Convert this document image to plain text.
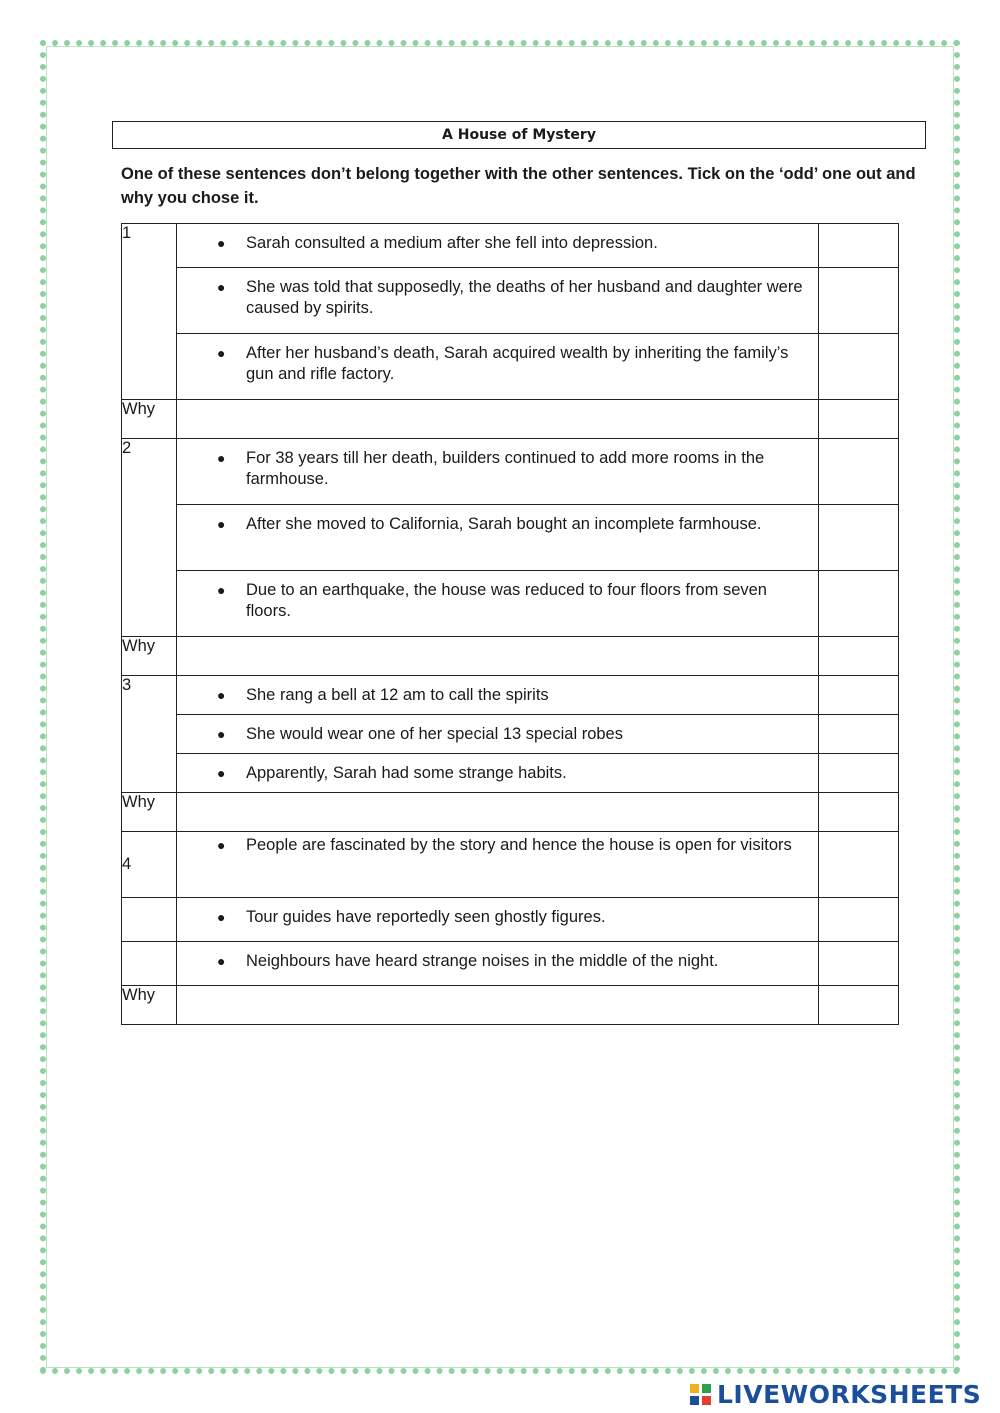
A House of Mystery
One of these sentences don’t belong together with the other sentences. Tick on the ‘odd’ one out and why you chose it.
1	● Sarah consulted a medium after she fell into depression.	

	● She was told that supposedly, the deaths of her husband and daughter were caused by spirits.	

	● After her husband’s death, Sarah acquired wealth by inheriting the family’s gun and rifle factory.	

Why		
2	● For 38 years till her death, builders continued to add more rooms in the farmhouse.	

	● After she moved to California, Sarah bought an incomplete farmhouse.	

	● Due to an earthquake, the house was reduced to four floors from seven floors.	

Why		
3	● She rang a bell at 12 am to call the spirits	

	● She would wear one of her special 13 special robes	

	● Apparently, Sarah had some strange habits.	

Why		
4	● People are fascinated by the story and hence the house is open for visitors	

	● Tour guides have reportedly seen ghostly figures.	

	● Neighbours have heard strange noises in the middle of the night.	

Why		
LIVEWORKSHEETS
